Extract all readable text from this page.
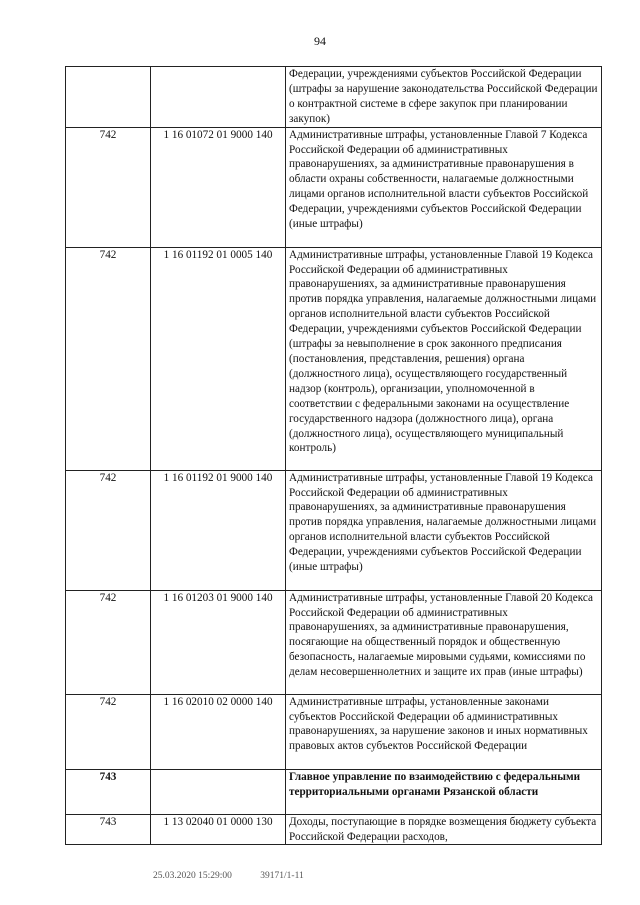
94
		Федерации, учреждениями субъектов Российской Федерации (штрафы за нарушение законодательства Российской Федерации о контрактной системе в сфере закупок при планировании закупок)
742	1 16 01072 01 9000 140	Административные штрафы, установленные Главой 7 Кодекса Российской Федерации об административных правонарушениях, за административные правонарушения в области охраны собственности, налагаемые должностными лицами органов исполнительной власти субъектов Российской Федерации, учреждениями субъектов Российской Федерации (иные штрафы)
742	1 16 01192 01 0005 140	Административные штрафы, установленные Главой 19 Кодекса Российской Федерации об административных правонарушениях, за административные правонарушения против порядка управления, налагаемые должностными лицами органов исполнительной власти субъектов Российской Федерации, учреждениями субъектов Российской Федерации (штрафы за невыполнение в срок законного предписания (постановления, представления, решения) органа (должностного лица), осуществляющего государственный надзор (контроль), организации, уполномоченной в соответствии с федеральными законами на осуществление государственного надзора (должностного лица), органа (должностного лица), осуществляющего муниципальный контроль)
742	1 16 01192 01 9000 140	Административные штрафы, установленные Главой 19 Кодекса Российской Федерации об административных правонарушениях, за административные правонарушения против порядка управления, налагаемые должностными лицами органов исполнительной власти субъектов Российской Федерации, учреждениями субъектов Российской Федерации (иные штрафы)
742	1 16 01203 01 9000 140	Административные штрафы, установленные Главой 20 Кодекса Российской Федерации об административных правонарушениях, за административные правонарушения, посягающие на общественный порядок и общественную безопасность, налагаемые мировыми судьями, комиссиями по делам несовершеннолетних и защите их прав (иные штрафы)
742	1 16 02010 02 0000 140	Административные штрафы, установленные законами субъектов Российской Федерации об административных правонарушениях, за нарушение законов и иных нормативных правовых актов субъектов Российской Федерации
743		Главное управление по взаимодействию с федеральными территориальными органами Рязанской области
743	1 13 02040 01 0000 130	Доходы, поступающие в порядке возмещения бюджету субъекта Российской Федерации расходов,
25.03.2020 15:29:00	39171/1-11
